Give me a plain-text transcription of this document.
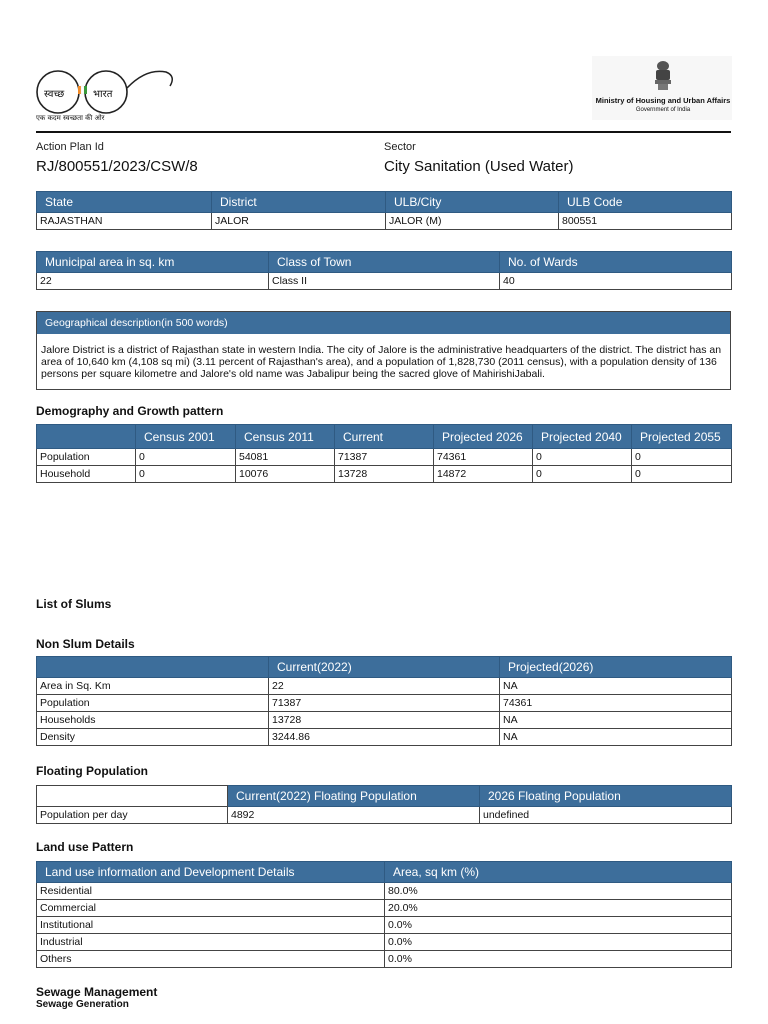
स्वच्छ	भारत
एक कदम स्वच्छता की ओर
Ministry of Housing and Urban Affairs
Government of India
Action Plan Id
RJ/800551/2023/CSW/8
Sector
City Sanitation (Used Water)
State	District	ULB/City	ULB Code
RAJASTHAN	JALOR	JALOR (M)	800551
Municipal area in sq. km	Class of Town	No. of Wards
22	Class II	40
Geographical description(in 500 words)
Jalore District is a district of Rajasthan state in western India. The city of Jalore is the administrative headquarters of the district. The district has an area of 10,640 km (4,108 sq mi) (3.11 percent of Rajasthan's area), and a population of 1,828,730 (2011 census), with a population density of 136 persons per square kilometre and Jalore's old name was Jabalipur being the sacred glove of MahirishiJabali.
Demography and Growth pattern
	Census 2001	Census 2011	Current	Projected 2026	Projected 2040	Projected 2055
Population	0	54081	71387	74361	0	0
Household	0	10076	13728	14872	0	0
List of Slums
Non Slum Details
	Current(2022)	Projected(2026)
Area in Sq. Km	22	NA
Population	71387	74361
Households	13728	NA
Density	3244.86	NA
Floating Population
	Current(2022) Floating Population	2026 Floating Population
Population per day	4892	undefined
Land use Pattern
Land use information and Development Details	Area, sq km (%)
Residential	80.0%
Commercial	20.0%
Institutional	0.0%
Industrial	0.0%
Others	0.0%
Sewage Management
Sewage Generation
